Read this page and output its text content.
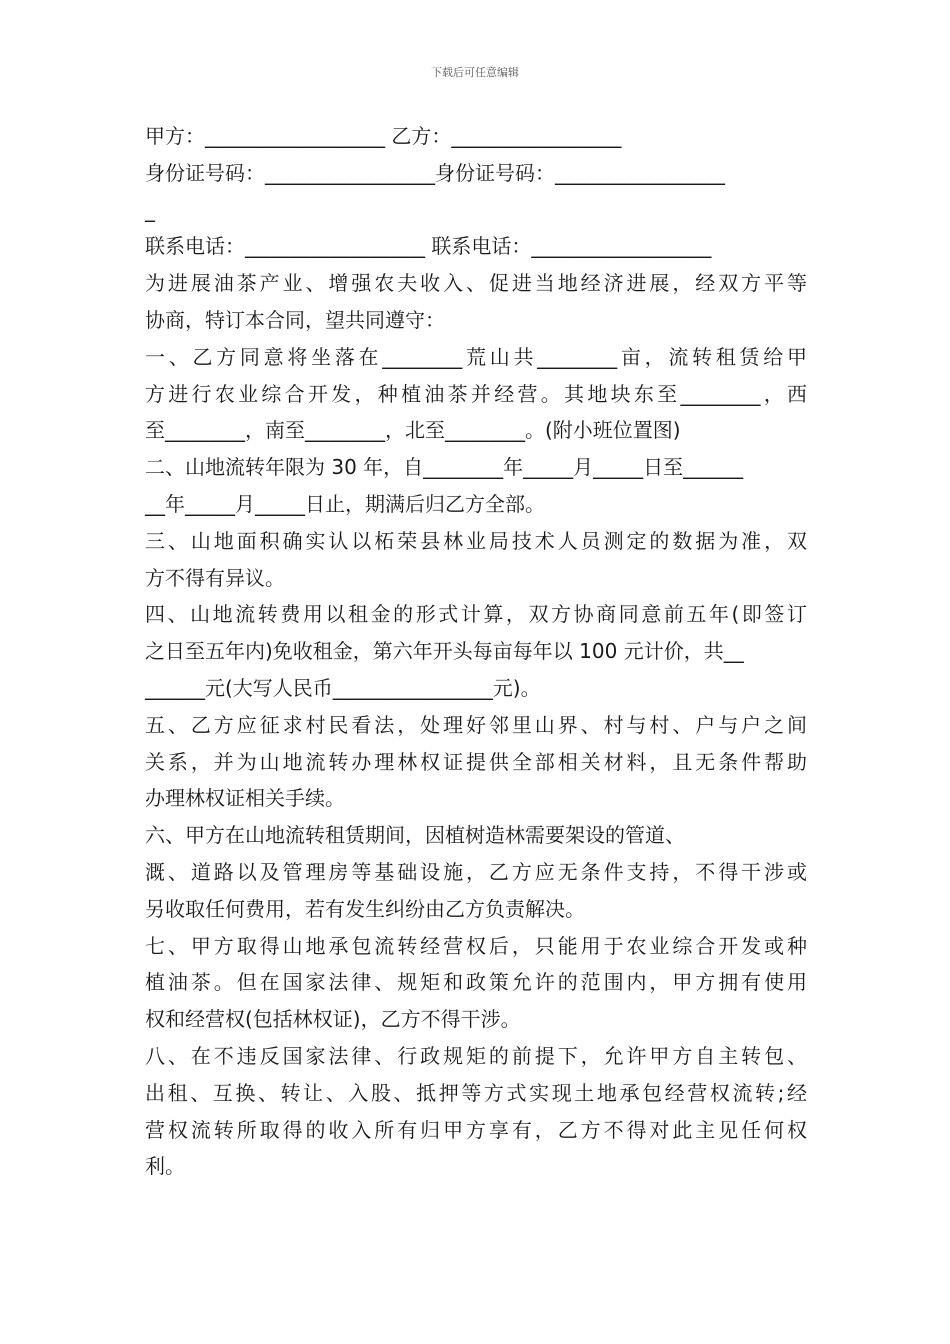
下载后可任意编辑
甲方：__________________ 乙方：_________________
身份证号码：_________________身份证号码：_________________
_
联系电话：__________________ 联系电话：__________________
为进展油茶产业、增强农夫收入、促进当地经济进展，经双方平等
协商，特订本合同，望共同遵守：
一、乙方同意将坐落在________荒山共________亩，流转租赁给甲
方进行农业综合开发，种植油茶并经营。其地块东至________，西
至________，南至________，北至________。(附小班位置图)
二、山地流转年限为 30 年，自________年_____月_____日至______
__年_____月_____日止，期满后归乙方全部。
三、山地面积确实认以柘荣县林业局技术人员测定的数据为准，双
方不得有异议。
四、山地流转费用以租金的形式计算，双方协商同意前五年(即签订
之日至五年内)免收租金，第六年开头每亩每年以 100 元计价，共__
______元(大写人民币________________元)。
五、乙方应征求村民看法，处理好邻里山界、村与村、户与户之间
关系，并为山地流转办理林权证提供全部相关材料，且无条件帮助
办理林权证相关手续。
六、甲方在山地流转租赁期间，因植树造林需要架设的管道、
溉、道路以及管理房等基础设施，乙方应无条件支持，不得干涉或
另收取任何费用，若有发生纠纷由乙方负责解决。
七、甲方取得山地承包流转经营权后，只能用于农业综合开发或种
植油茶。但在国家法律、规矩和政策允许的范围内，甲方拥有使用
权和经营权(包括林权证)，乙方不得干涉。
八、在不违反国家法律、行政规矩的前提下，允许甲方自主转包、
出租、互换、转让、入股、抵押等方式实现土地承包经营权流转;经
营权流转所取得的收入所有归甲方享有，乙方不得对此主见任何权
利。
